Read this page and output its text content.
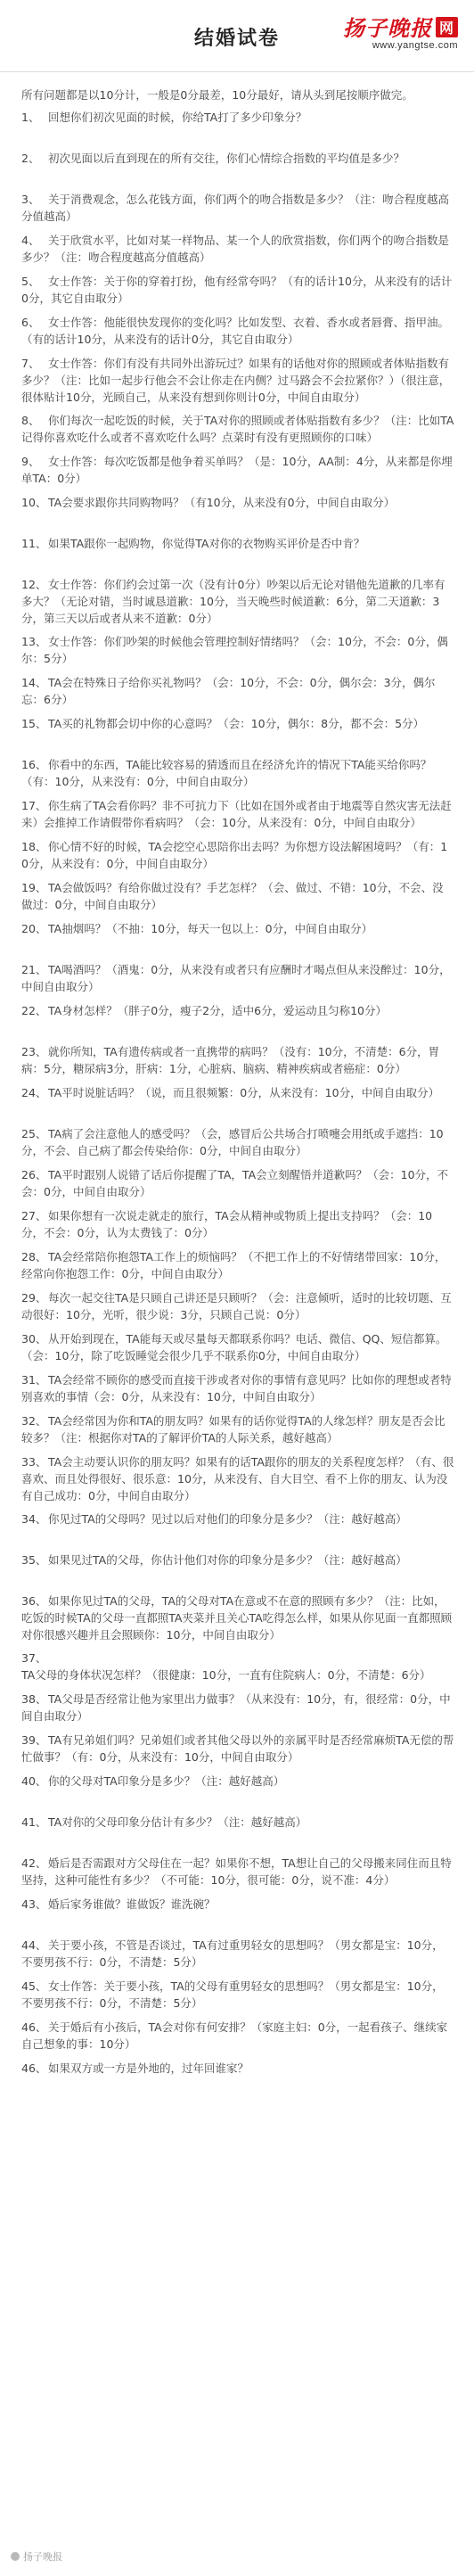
结婚试卷	扬子晚报 网
www.yangtse.com
所有问题都是以10分计，一般是0分最差，10分最好，请从头到尾按顺序做完。
1、 回想你们初次见面的时候，你给TA打了多少印象分？
2、 初次见面以后直到现在的所有交往，你们心情综合指数的平均值是多少？
3、 关于消费观念，怎么花钱方面，你们两个的吻合指数是多少？（注：吻合程度越高分值越高）
4、 关于欣赏水平，比如对某一样物品、某一个人的欣赏指数，你们两个的吻合指数是多少？（注：吻合程度越高分值越高）
5、 女士作答：关于你的穿着打扮，他有经常夸吗？（有的话计10分，从来没有的话计0分，其它自由取分）
6、 女士作答：他能很快发现你的变化吗？比如发型、衣着、香水或者唇膏、指甲油。（有的话计10分，从来没有的话计0分，其它自由取分）
7、 女士作答：你们有没有共同外出游玩过？如果有的话他对你的照顾或者体贴指数有多少？（注：比如一起步行他会不会让你走在内侧？过马路会不会拉紧你？）（很注意，很体贴计10分，光顾自己，从来没有想到你则计0分，中间自由取分）
8、 你们每次一起吃饭的时候，关于TA对你的照顾或者体贴指数有多少？（注：比如TA记得你喜欢吃什么或者不喜欢吃什么吗？点菜时有没有更照顾你的口味）
9、 女士作答：每次吃饭都是他争着买单吗？（是：10分，AA制：4分，从来都是你埋单TA：0分）
10、 TA会要求跟你共同购物吗？（有10分，从来没有0分，中间自由取分）
11、 如果TA跟你一起购物，你觉得TA对你的衣物购买评价是否中肯？
12、 女士作答：你们约会过第一次（没有计0分）吵架以后无论对错他先道歉的几率有多大？（无论对错，当时诚恳道歉：10分，当天晚些时候道歉：6分，第二天道歉：3分，第三天以后或者从来不道歉：0分）
13、 女士作答：你们吵架的时候他会管理控制好情绪吗？（会：10分，不会：0分，偶尔：5分）
14、 TA会在特殊日子给你买礼物吗？（会：10分，不会：0分，偶尔会：3分，偶尔忘：6分）
15、 TA买的礼物都会切中你的心意吗？（会：10分，偶尔：8分，都不会：5分）
16、 你看中的东西，TA能比较容易的猜透而且在经济允许的情况下TA能买给你吗？（有：10分，从来没有：0分，中间自由取分）
17、 你生病了TA会看你吗？非不可抗力下（比如在国外或者由于地震等自然灾害无法赶来）会推掉工作请假带你看病吗？（会：10分，从来没有：0分，中间自由取分）
18、 你心情不好的时候，TA会挖空心思陪你出去吗？为你想方设法解困境吗？（有：10分，从来没有：0分，中间自由取分）
19、 TA会做饭吗？有给你做过没有？手艺怎样？（会、做过、不错：10分，不会、没做过：0分，中间自由取分）
20、 TA抽烟吗？（不抽：10分，每天一包以上：0分，中间自由取分）
21、 TA喝酒吗？（酒鬼：0分，从来没有或者只有应酬时才喝点但从来没醉过：10分，中间自由取分）
22、 TA身材怎样？（胖子0分，瘦子2分，适中6分，爱运动且匀称10分）
23、 就你所知，TA有遗传病或者一直携带的病吗？（没有：10分，不清楚：6分，胃病：5分，糖尿病3分，肝病：1分，心脏病、脑病、精神疾病或者癌症：0分）
24、 TA平时说脏话吗？（说，而且很频繁：0分，从来没有：10分，中间自由取分）
25、 TA病了会注意他人的感受吗？（会，感冒后公共场合打喷嚏会用纸或手遮挡：10分，不会、自己病了都会传染给你：0分，中间自由取分）
26、 TA平时跟别人说错了话后你提醒了TA，TA会立刻醒悟并道歉吗？（会：10分，不会：0分，中间自由取分）
27、 如果你想有一次说走就走的旅行，TA会从精神或物质上提出支持吗？（会：10分，不会：0分，认为太费钱了：0分）
28、 TA会经常陪你抱怨TA工作上的烦恼吗？（不把工作上的不好情绪带回家：10分，经常向你抱怨工作：0分，中间自由取分）
29、 每次一起交往TA是只顾自己讲还是只顾听？（会：注意倾听，适时的比较切题、互动很好：10分，光听，很少说：3分，只顾自己说：0分）
30、 从开始到现在，TA能每天或尽量每天都联系你吗？电话、微信、QQ、短信都算。（会：10分，除了吃饭睡觉会很少几乎不联系你0分，中间自由取分）
31、 TA会经常不顾你的感受而直接干涉或者对你的事情有意见吗？比如你的理想或者特别喜欢的事情（会：0分，从来没有：10分，中间自由取分）
32、 TA会经常因为你和TA的朋友吗？如果有的话你觉得TA的人缘怎样？朋友是否会比较多？（注：根据你对TA的了解评价TA的人际关系，越好越高）
33、 TA会主动要认识你的朋友吗？如果有的话TA跟你的朋友的关系程度怎样？（有、很喜欢、而且处得很好、很乐意：10分，从来没有、自大目空、看不上你的朋友、认为没有自己成功：0分，中间自由取分）
34、 你见过TA的父母吗？见过以后对他们的印象分是多少？（注：越好越高）
35、 如果见过TA的父母，你估计他们对你的印象分是多少？（注：越好越高）
36、 如果你见过TA的父母，TA的父母对TA在意或不在意的照顾有多少？（注：比如，吃饭的时候TA的父母一直都照TA夹菜并且关心TA吃得怎么样，如果从你见面一直都照顾对你很感兴趣并且会照顾你：10分，中间自由取分）
37、TA父母的身体状况怎样？（很健康：10分，一直有住院病人：0分，不清楚：6分）
38、 TA父母是否经常让他为家里出力做事？（从来没有：10分，有，很经常：0分，中间自由取分）
39、 TA有兄弟姐们吗？兄弟姐们或者其他父母以外的亲属平时是否经常麻烦TA无偿的帮忙做事？（有：0分，从来没有：10分，中间自由取分）
40、 你的父母对TA印象分是多少？（注：越好越高）
41、 TA对你的父母印象分估计有多少？（注：越好越高）
42、 婚后是否需跟对方父母住在一起？如果你不想，TA想让自己的父母搬来同住而且特坚持，这种可能性有多少？（不可能：10分，很可能：0分，说不准：4分）
43、 婚后家务谁做？谁做饭？谁洗碗？
44、 关于要小孩，不管是否谈过，TA有过重男轻女的思想吗？（男女都是宝：10分，不要男孩不行：0分，不清楚：5分）
45、 女士作答：关于要小孩，TA的父母有重男轻女的思想吗？（男女都是宝：10分，不要男孩不行：0分，不清楚：5分）
46、 关于婚后有小孩后，TA会对你有何安排？（家庭主妇：0分，一起看孩子、继续家自己想象的事：10分）
46、 如果双方或一方是外地的，过年回谁家？
扬子晚报
